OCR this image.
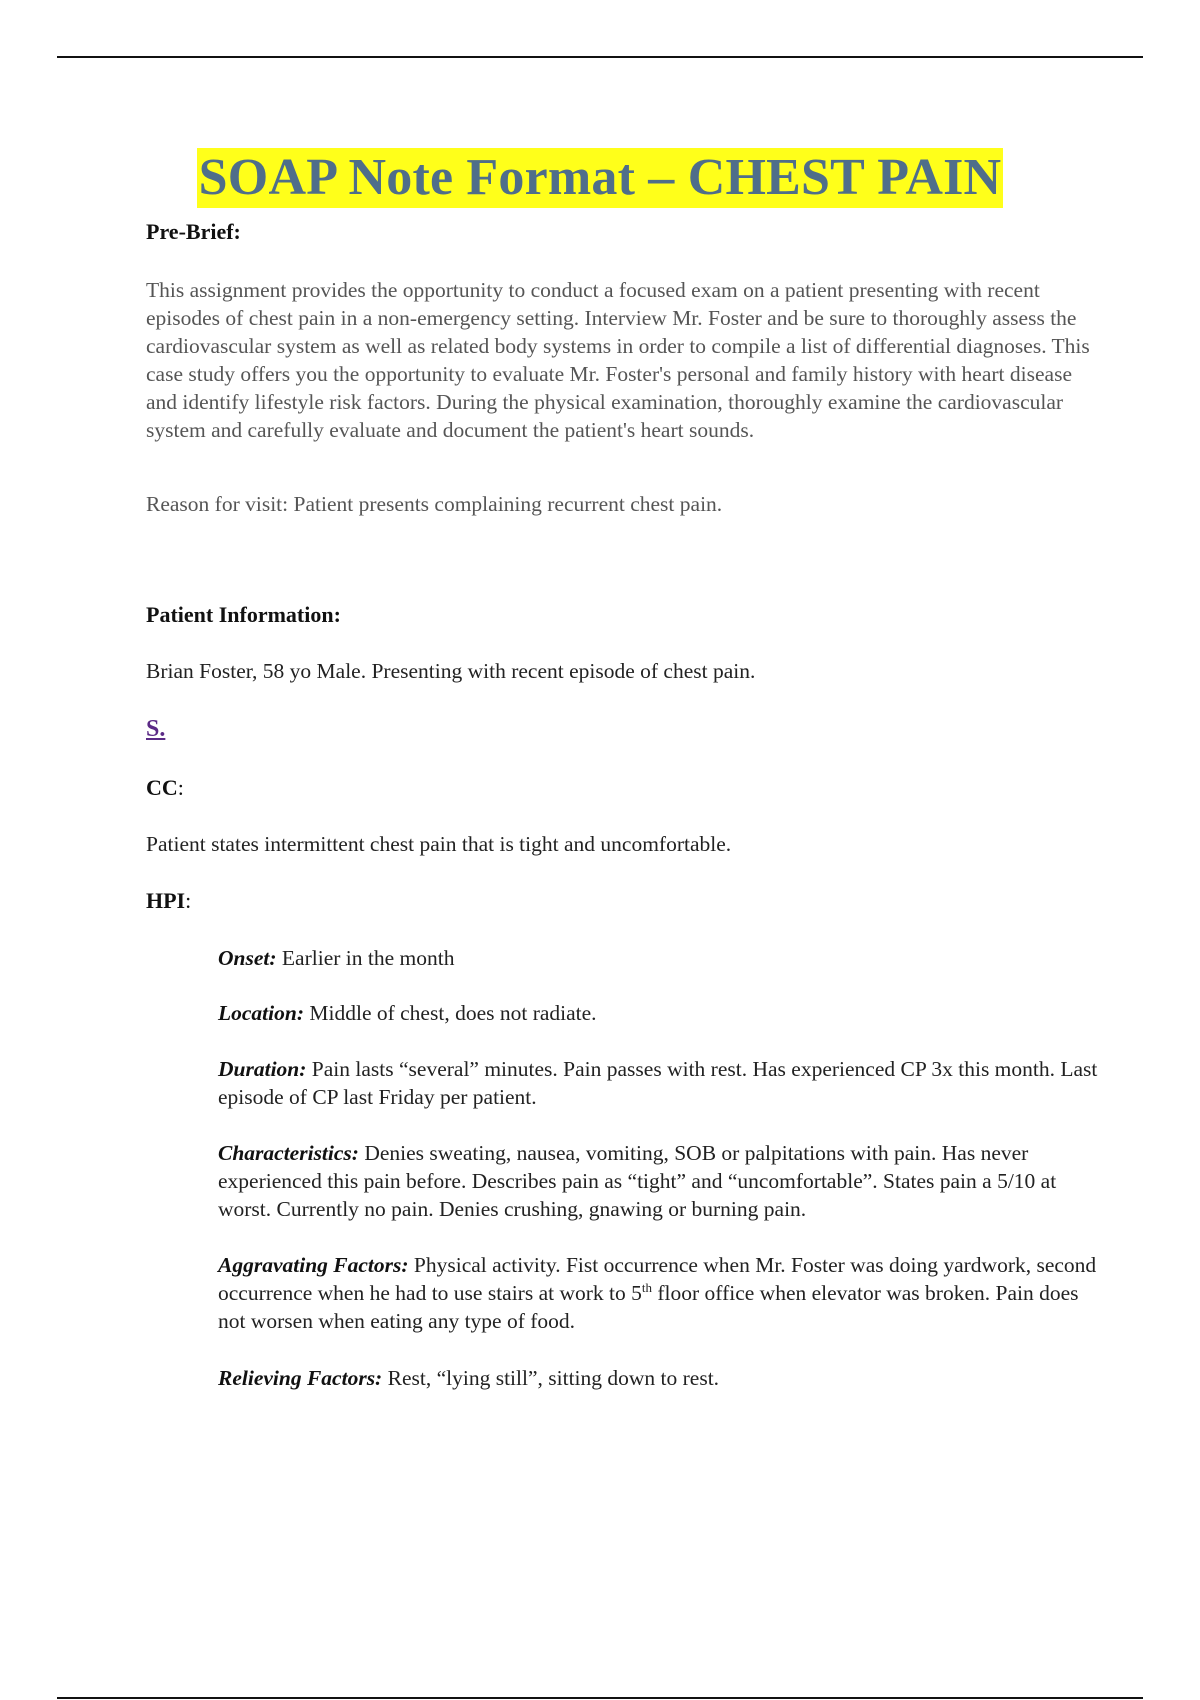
SOAP Note Format – CHEST PAIN
Pre-Brief:
This assignment provides the opportunity to conduct a focused exam on a patient presenting with recent episodes of chest pain in a non-emergency setting. Interview Mr. Foster and be sure to thoroughly assess the cardiovascular system as well as related body systems in order to compile a list of differential diagnoses. This case study offers you the opportunity to evaluate Mr. Foster's personal and family history with heart disease and identify lifestyle risk factors. During the physical examination, thoroughly examine the cardiovascular system and carefully evaluate and document the patient's heart sounds.
Reason for visit: Patient presents complaining recurrent chest pain.
Patient Information:
Brian Foster, 58 yo Male. Presenting with recent episode of chest pain.
S.
CC:
Patient states intermittent chest pain that is tight and uncomfortable.
HPI:
Onset: Earlier in the month
Location: Middle of chest, does not radiate.
Duration: Pain lasts “several” minutes. Pain passes with rest. Has experienced CP 3x this month. Last episode of CP last Friday per patient.
Characteristics: Denies sweating, nausea, vomiting, SOB or palpitations with pain. Has never experienced this pain before. Describes pain as “tight” and “uncomfortable”. States pain a 5/10 at worst. Currently no pain. Denies crushing, gnawing or burning pain.
Aggravating Factors: Physical activity. Fist occurrence when Mr. Foster was doing yardwork, second occurrence when he had to use stairs at work to 5th floor office when elevator was broken. Pain does not worsen when eating any type of food.
Relieving Factors: Rest, “lying still”, sitting down to rest.
